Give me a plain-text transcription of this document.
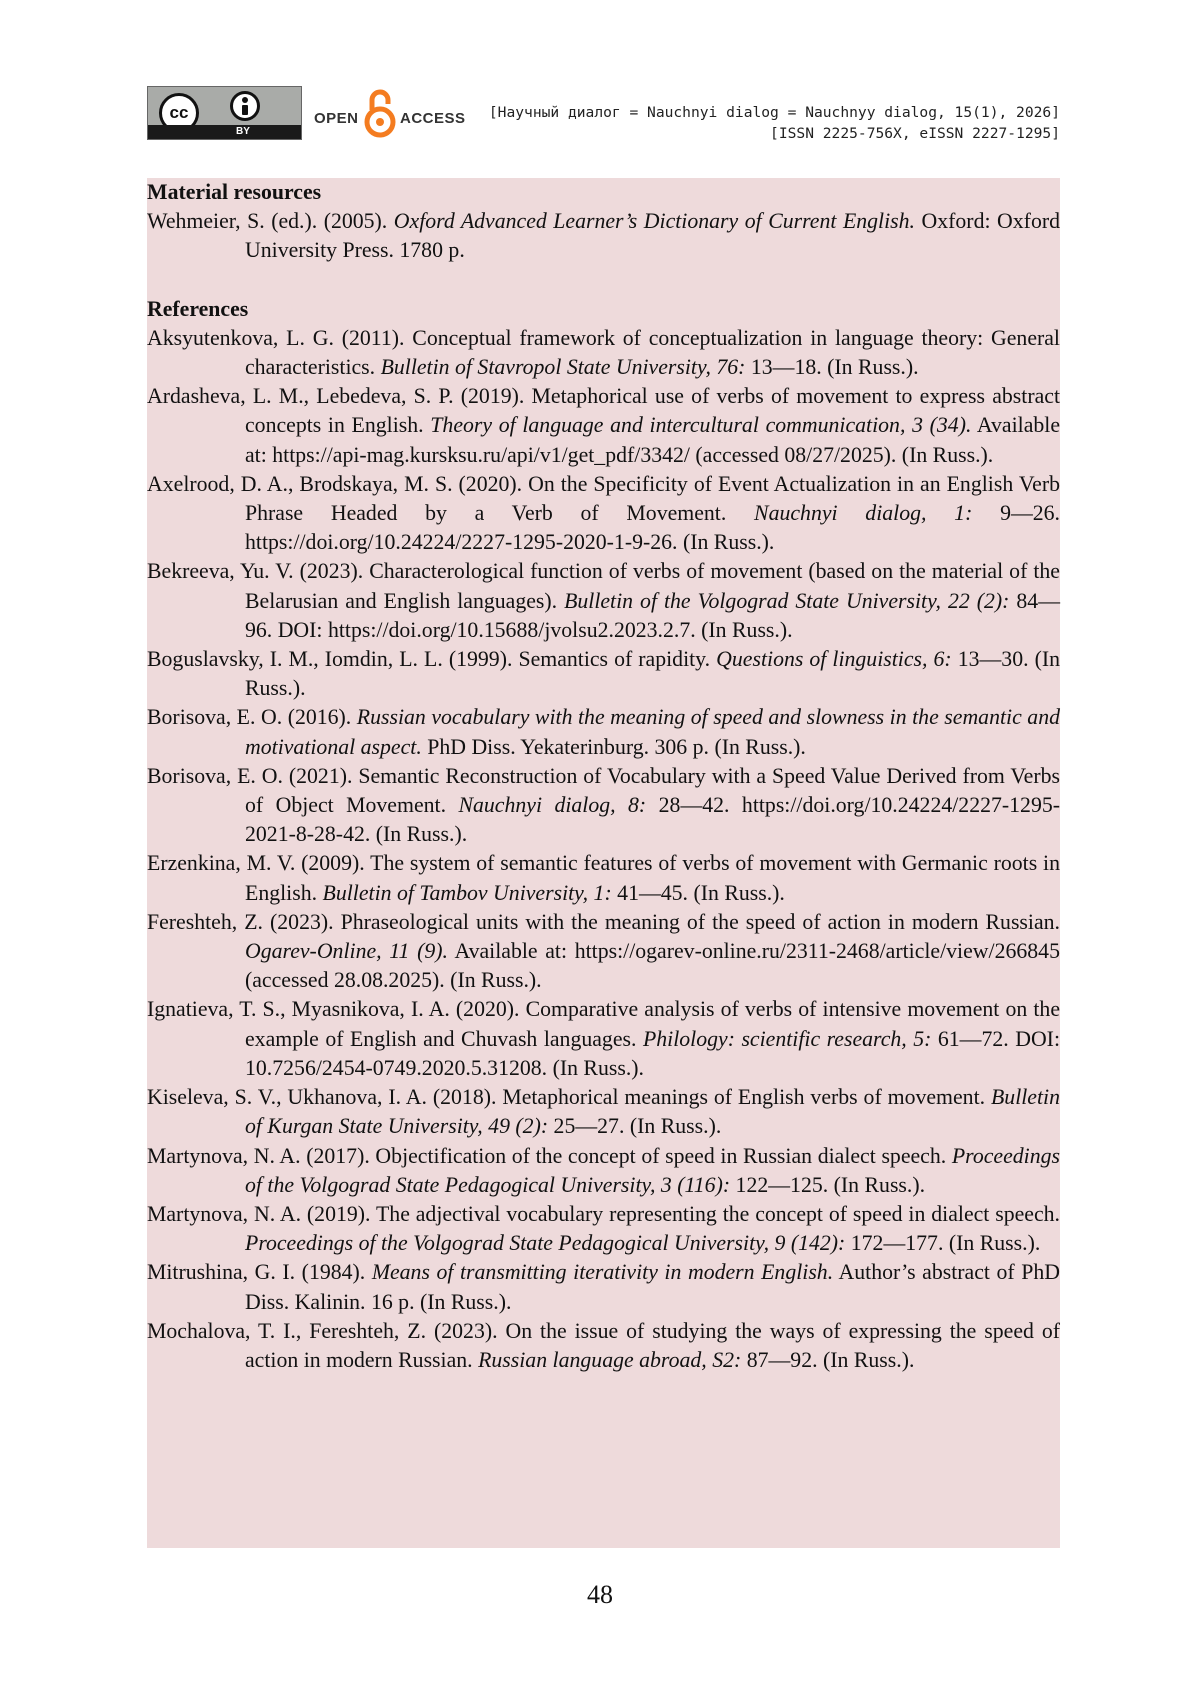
cc
BY
OPEN	ACCESS [Научный диалог = Nauchnyi dialog = Nauchnyy dialog, 15(1), 2026]
[ISSN 2225-756X, eISSN 2227-1295]
Material resources

Wehmeier, S. (ed.). (2005). Oxford Advanced Learner’s Dictionary of Current English. Oxford: Oxford University Press. 1780 p.

References

Aksyutenkova, L. G. (2011). Conceptual framework of conceptualization in language theory: General characteristics. Bulletin of Stavropol State University, 76: 13—18. (In Russ.).

Ardasheva, L. M., Lebedeva, S. P. (2019). Metaphorical use of verbs of movement to express abstract concepts in English. Theory of language and intercultural communication, 3 (34). Available at: https://api-mag.kursksu.ru/api/v1/get_pdf/3342/ (accessed 08/27/2025). (In Russ.).

Axelrood, D. A., Brodskaya, M. S. (2020). On the Specificity of Event Actualization in an English Verb Phrase Headed by a Verb of Movement. Nauchnyi dialog, 1: 9—26. https://doi.org/10.24224/2227-1295-2020-1-9-26. (In Russ.).

Bekreeva, Yu. V. (2023). Characterological function of verbs of movement (based on the material of the Belarusian and English languages). Bulletin of the Volgograd State University, 22 (2): 84—96. DOI: https://doi.org/10.15688/jvolsu2.2023.2.7. (In Russ.).

Boguslavsky, I. M., Iomdin, L. L. (1999). Semantics of rapidity. Questions of linguistics, 6: 13—30. (In Russ.).

Borisova, E. O. (2016). Russian vocabulary with the meaning of speed and slowness in the semantic and motivational aspect. PhD Diss. Yekaterinburg. 306 p. (In Russ.).

Borisova, E. O. (2021). Semantic Reconstruction of Vocabulary with a Speed Value Derived from Verbs of Object Movement. Nauchnyi dialog, 8: 28—42. https://doi.org/10.24224/2227-1295-2021-8-28-42. (In Russ.).

Erzenkina, M. V. (2009). The system of semantic features of verbs of movement with Germanic roots in English. Bulletin of Tambov University, 1: 41—45. (In Russ.).

Fereshteh, Z. (2023). Phraseological units with the meaning of the speed of action in modern Russian. Ogarev-Online, 11 (9). Available at: https://ogarev-online.ru/2311-2468/article/view/266845 (accessed 28.08.2025). (In Russ.).

Ignatieva, T. S., Myasnikova, I. A. (2020). Comparative analysis of verbs of intensive movement on the example of English and Chuvash languages. Philology: scientific research, 5: 61—72. DOI: 10.7256/2454-0749.2020.5.31208. (In Russ.).

Kiseleva, S. V., Ukhanova, I. A. (2018). Metaphorical meanings of English verbs of movement. Bulletin of Kurgan State University, 49 (2): 25—27. (In Russ.).

Martynova, N. A. (2017). Objectification of the concept of speed in Russian dialect speech. Proceedings of the Volgograd State Pedagogical University, 3 (116): 122—125. (In Russ.).

Martynova, N. A. (2019). The adjectival vocabulary representing the concept of speed in dialect speech. Proceedings of the Volgograd State Pedagogical University, 9 (142): 172—177. (In Russ.).

Mitrushina, G. I. (1984). Means of transmitting iterativity in modern English. Author’s abstract of PhD Diss. Kalinin. 16 p. (In Russ.).

Mochalova, T. I., Fereshteh, Z. (2023). On the issue of studying the ways of expressing the speed of action in modern Russian. Russian language abroad, S2: 87—92. (In Russ.).

48
